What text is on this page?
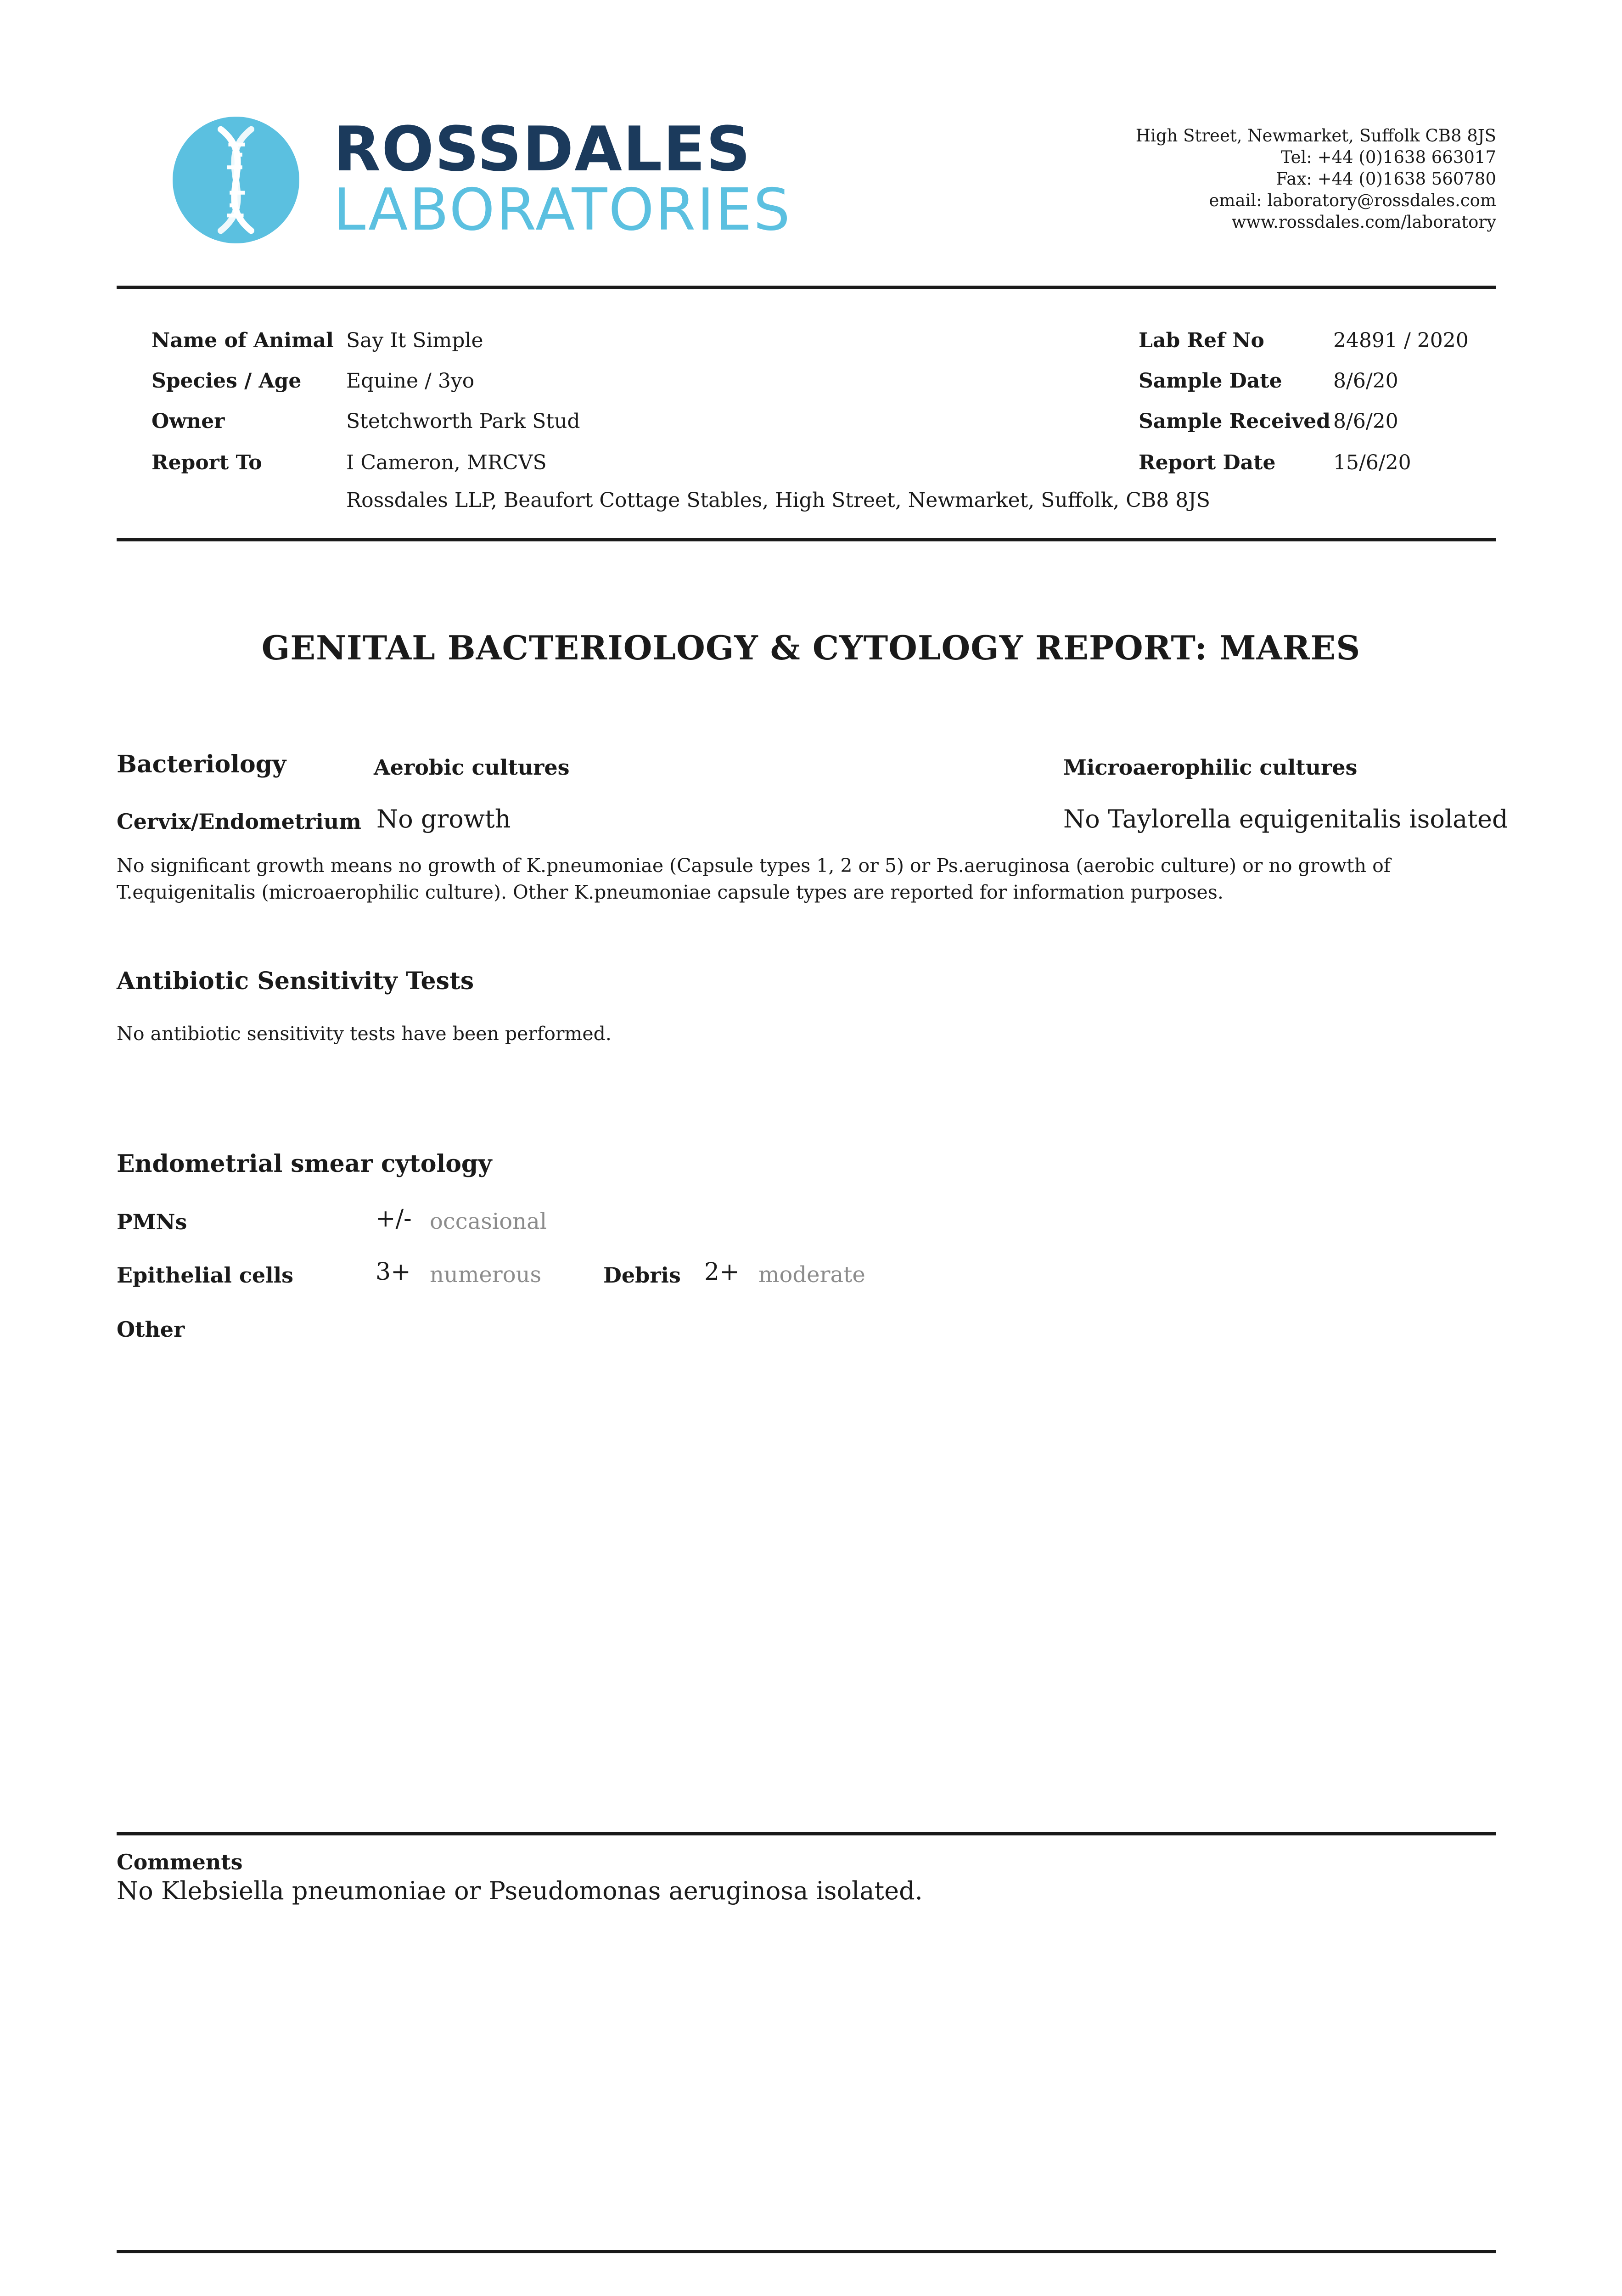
ROSSDALES
LABORATORIES
High Street, Newmarket, Suffolk CB8 8JS
Tel: +44 (0)1638 663017
Fax: +44 (0)1638 560780
email: laboratory@rossdales.com
www.rossdales.com/laboratory
Name of Animal Say It Simple
Species / Age Equine / 3yo
Owner	Stetchworth Park Stud
Report To	I Cameron, MRCVS
Rossdales LLP, Beaufort Cottage Stables, High Street, Newmarket, Suffolk, CB8 8JS
Lab Ref No	24891 / 2020
Sample Date	8/6/20
Sample Received 8/6/20
Report Date	15/6/20
GENITAL BACTERIOLOGY & CYTOLOGY REPORT: MARES
Bacteriology	Aerobic cultures	Microaerophilic cultures
Cervix/Endometrium No growth	No Taylorella equigenitalis isolated
No significant growth means no growth of K.pneumoniae (Capsule types 1, 2 or 5) or Ps.aeruginosa (aerobic culture) or no growth of T.equigenitalis (microaerophilic culture). Other K.pneumoniae capsule types are reported for information purposes.
Antibiotic Sensitivity Tests
No antibiotic sensitivity tests have been performed.
Endometrial smear cytology
PMNs	+/- occasional
Epithelial cells	3+ numerous	Debris 2+ moderate
Other
Comments
No Klebsiella pneumoniae or Pseudomonas aeruginosa isolated.
